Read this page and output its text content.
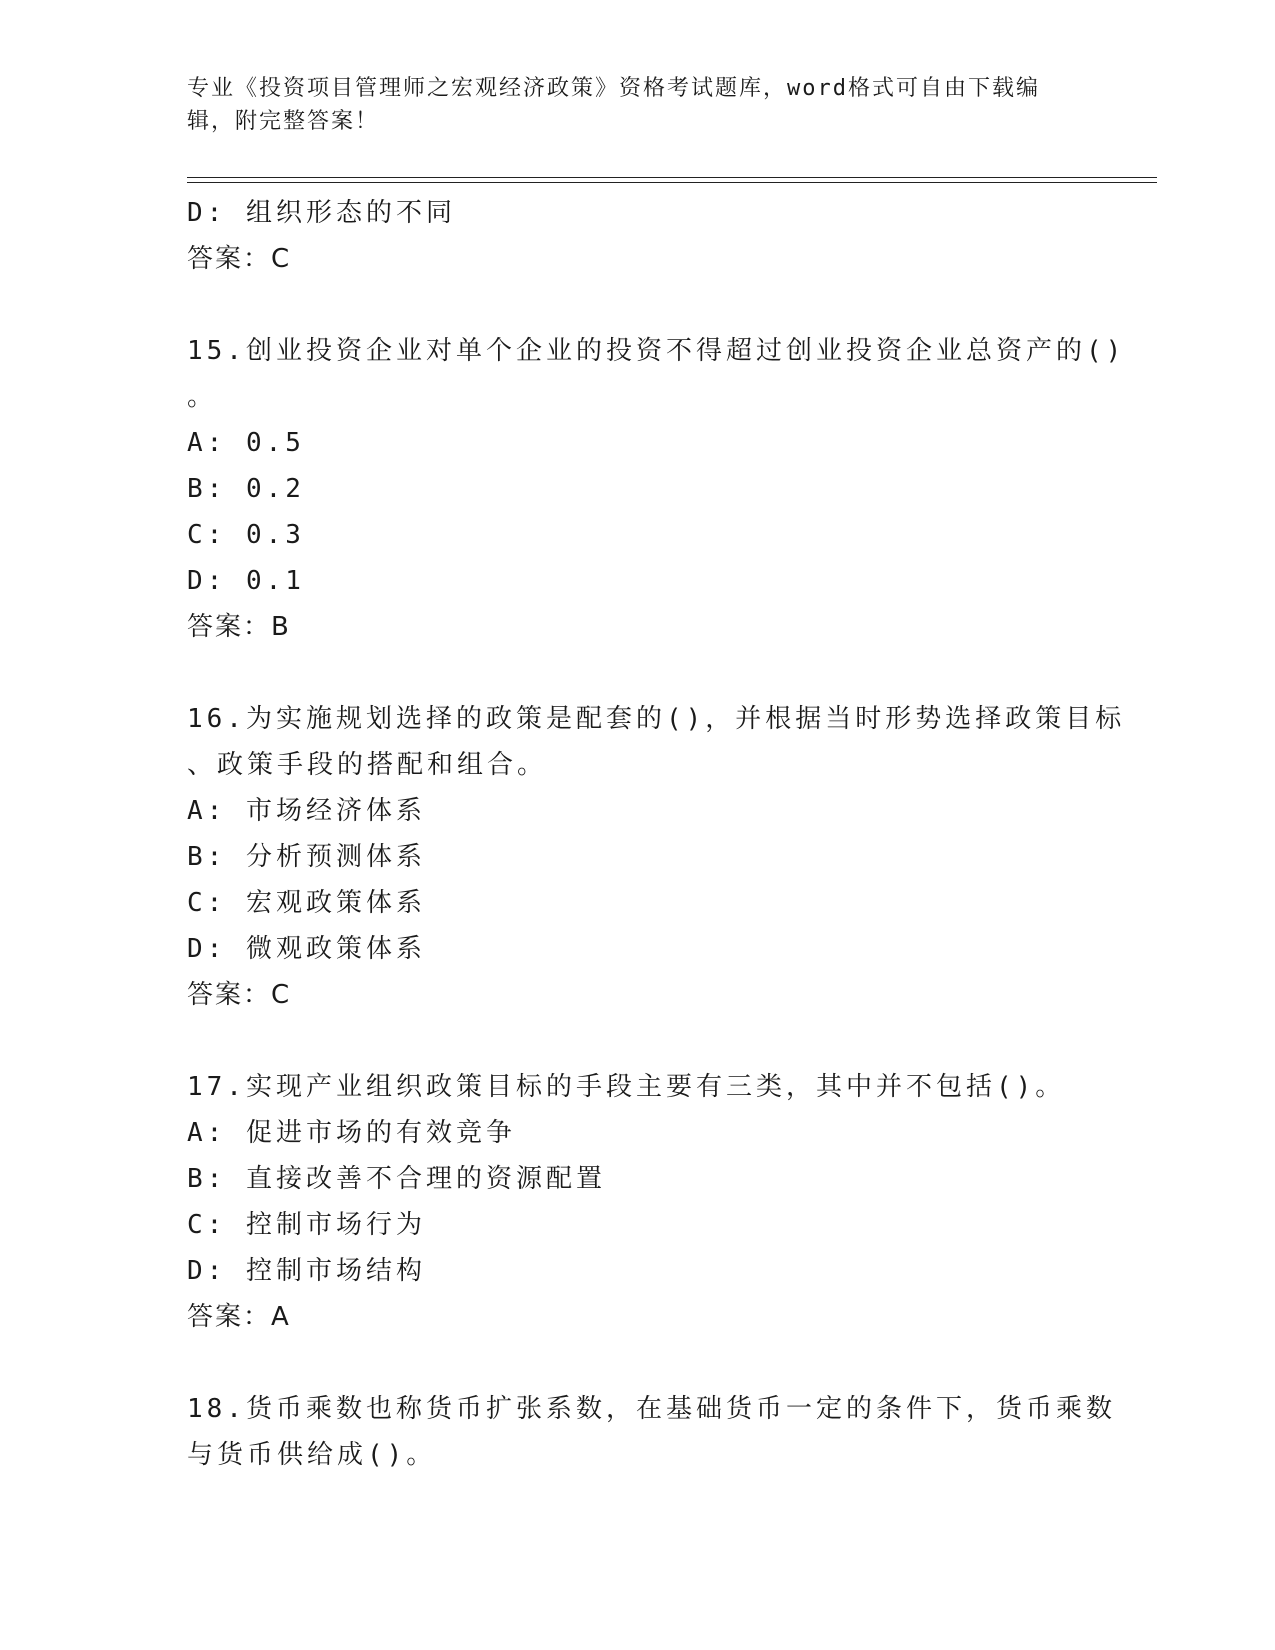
专业《投资项目管理师之宏观经济政策》资格考试题库，word格式可自由下载编
辑，附完整答案！
D: 组织形态的不同
答案：C
15.创业投资企业对单个企业的投资不得超过创业投资企业总资产的()
。
A: 0.5
B: 0.2
C: 0.3
D: 0.1
答案：B
16.为实施规划选择的政策是配套的()，并根据当时形势选择政策目标
、政策手段的搭配和组合。
A: 市场经济体系
B: 分析预测体系
C: 宏观政策体系
D: 微观政策体系
答案：C
17.实现产业组织政策目标的手段主要有三类，其中并不包括()。
A: 促进市场的有效竞争
B: 直接改善不合理的资源配置
C: 控制市场行为
D: 控制市场结构
答案：A
18.货币乘数也称货币扩张系数，在基础货币一定的条件下，货币乘数
与货币供给成()。
